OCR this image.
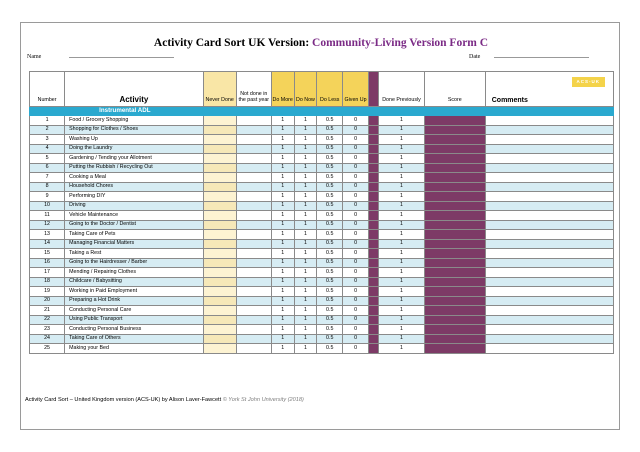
Activity Card Sort UK Version: Community-Living Version Form C
Name	Date
Number	Activity	Never Done	Not done in the past year	Do More	Do Now	Do Less	Given Up		Done Previously	Score	Comments
ACS-UK

	Instrumental ADL										
1	Food / Grocery Shopping			1	1	0.5	0		1		
2	Shopping for Clothes / Shoes			1	1	0.5	0		1		
3	Washing Up			1	1	0.5	0		1		
4	Doing the Laundry			1	1	0.5	0		1		
5	Gardening / Tending your Allotment			1	1	0.5	0		1		
6	Putting the Rubbish / Recycling Out			1	1	0.5	0		1		
7	Cooking a Meal			1	1	0.5	0		1		
8	Household Chores			1	1	0.5	0		1		
9	Performing DIY			1	1	0.5	0		1		
10	Driving			1	1	0.5	0		1		
11	Vehicle Maintenance			1	1	0.5	0		1		
12	Going to the Doctor / Dentist			1	1	0.5	0		1		
13	Taking Care of Pets			1	1	0.5	0		1		
14	Managing Financial Matters			1	1	0.5	0		1		
15	Taking a Rest			1	1	0.5	0		1		
16	Going to the Hairdresser / Barber			1	1	0.5	0		1		
17	Mending / Repairing Clothes			1	1	0.5	0		1		
18	Childcare / Babysitting			1	1	0.5	0		1		
19	Working in Paid Employment			1	1	0.5	0		1		
20	Preparing a Hot Drink			1	1	0.5	0		1		
21	Conducting Personal Care			1	1	0.5	0		1		
22	Using Public Transport			1	1	0.5	0		1		
23	Conducting Personal Business			1	1	0.5	0		1		
24	Taking Care of Others			1	1	0.5	0		1		
25	Making your Bed			1	1	0.5	0		1		
Activity Card Sort – United Kingdom version (ACS-UK) by Alison Laver-Fawcett © York St John University (2018)
